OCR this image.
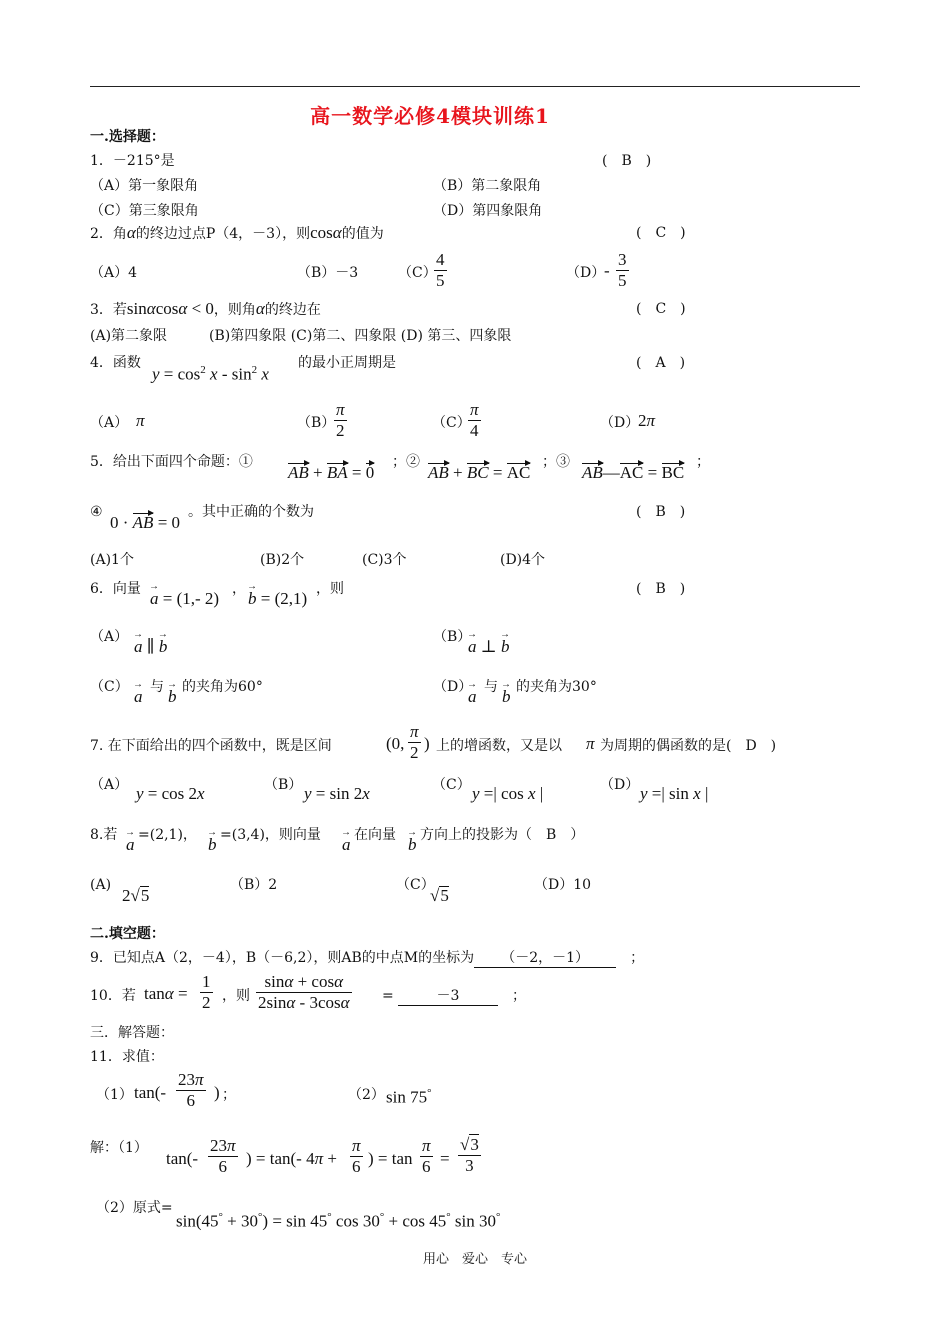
高一数学必修4模块训练1
一.选择题：
1．－215°是	(　B　)
（A）第一象限角	（B）第二象限角
（C）第三象限角	（D）第四象限角
2．角α的终边过点P（4，－3），则cosα的值为	(　C　)
（A）4	（B）－3	（C）
4
5	（D）
-
3
5
3．若sinαcosα < 0，则角α的终边在	(　C　)
(A)第二象限　　　(B)第四象限 (C)第二、四象限 (D) 第三、四象限
4．函数
$y = \cos^2 x - \sin^2 x$
的最小正周期是	(　A　)
（A） π	（B）
π
2	（C）
π
4	（D）
2π
5．给出下面四个命题：①
AB + BA = 0
；②
AB + BC = AC
；③
AB—AC = BC
；
④
0 · AB = 0
。其中正确的个数为	(　B　)
(A)1个	(B)2个	(C)3个	(D)4个
6．向量 → a = (1,- 2) ， → b = (2,1) ，则	(　B　)
（A） → a ∥ → b	（B）
→ a ⊥ → b
（C） → a 与 → b 的夹角为60°	（D）
→ a 与 → b 的夹角为30°
7. 在下面给出的四个函数中，既是区间	(0,
π
2 ) 上的增函数，又是以 π 为周期的偶函数的是(　D　)
（A） y = cos 2x	（B） y = sin 2x	（C） y =| cos x |	（D） y =| sin x |
8.若 → a =(2,1)， → b =(3,4)，则向量 → a 在向量 → b 方向上的投影为（　B　）
(A)
2√5
（B）2	（C）
√5
（D）10
二.填空题：
9．已知点A（2，－4），B（－6,2），则AB的中点M的坐标为 （－2，－1）　	；
10．若 tanα =
1
2 ，则
sinα + cosα
2sinα - 3cosα =	－3　	；
三．解答题：
11．求值：
（1） tan(-
23π
6	) ；	（2） sin 75°
解：（1）
tan(-
23π
6	) = tan(- 4π +
π
6 ) = tan
π
6 =
√3
3
（2）原式=
sin(45° + 30°) = sin 45° cos 30° + cos 45° sin 30°
用心　爱心　专心
